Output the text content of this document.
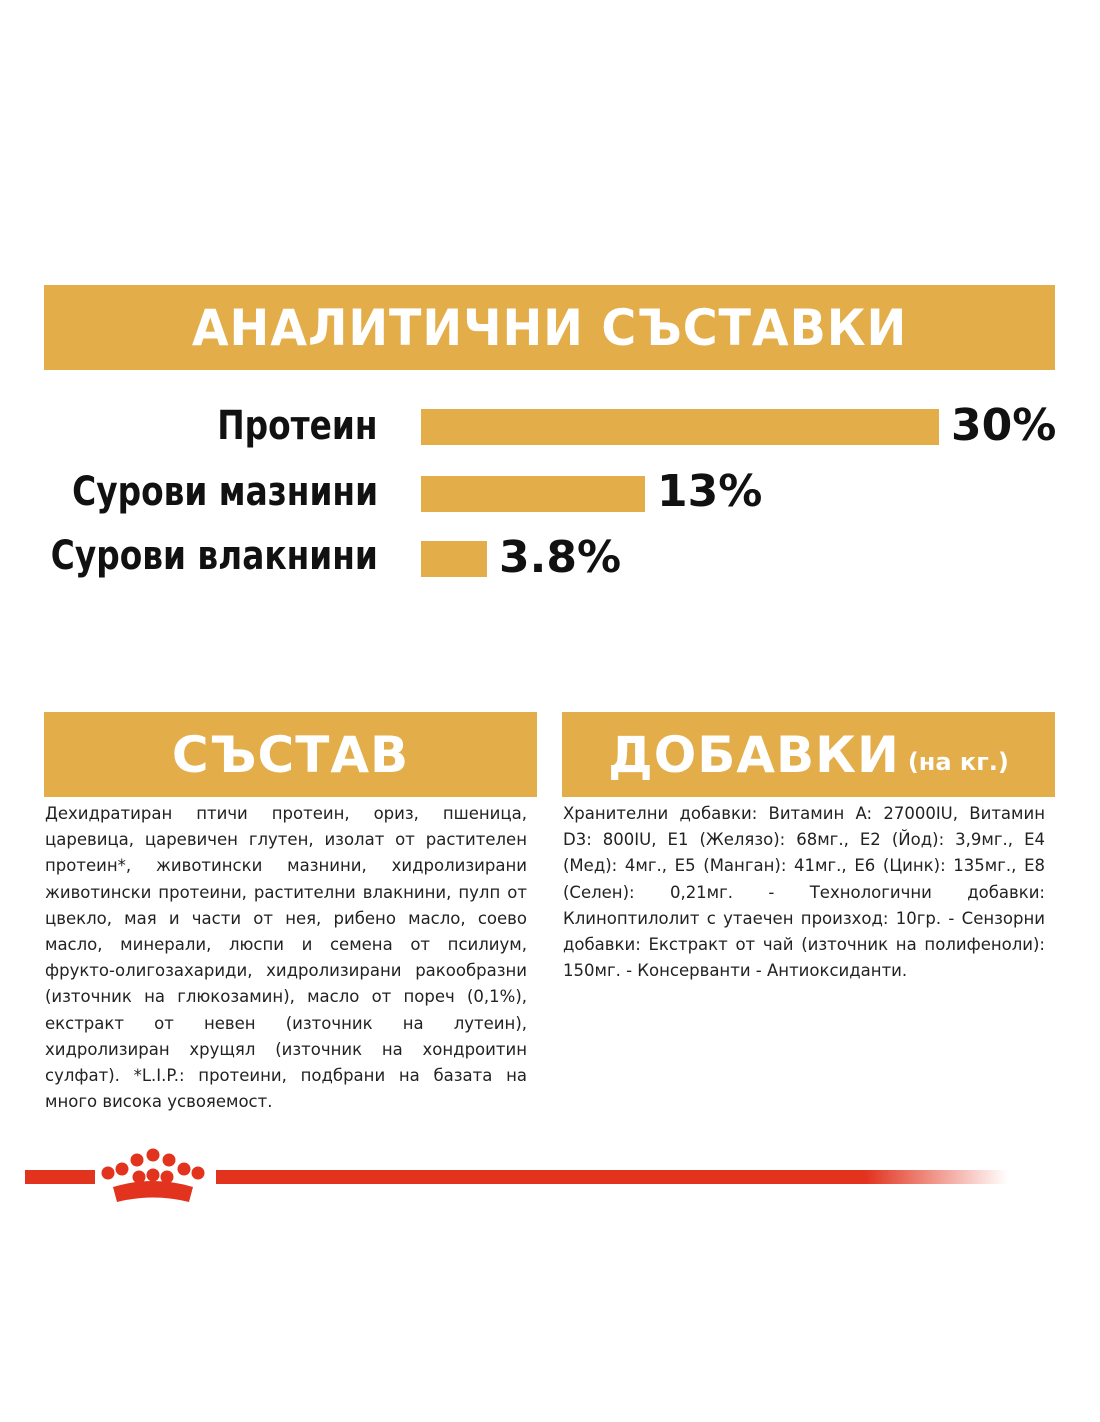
АНАЛИТИЧНИ СЪСТАВКИ
Протеин	30%
Сурови мазнини	13%
Сурови влакнини	3.8%
СЪСТАВ	ДОБАВКИ (на кг.)
Дехидратиран птичи протеин, ориз, пшеница, царевица, царевичен глутен, изолат от растителен протеин*, животински мазнини, хидролизирани животински протеини, растителни влакнини, пулп от цвекло, мая и части от нея, рибено масло, соево масло, минерали, люспи и семена от псилиум, фрукто-олигозахариди, хидролизирани ракообразни (източник на глюкозамин), масло от пореч (0,1%), екстракт от невен (източник на лутеин), хидролизиран хрущял (източник на хондроитин сулфат). *L.I.P.: протеини, подбрани на базата на много висока усвояемост.
Хранителни добавки: Витамин A: 27000IU, Витамин D3: 800IU, E1 (Желязо): 68мг., E2 (Йод): 3,9мг., E4 (Мед): 4мг., E5 (Манган): 41мг., E6 (Цинк): 135мг., E8 (Селен): 0,21мг. - Технологични добавки: Клиноптилолит с утаечен произход: 10гр. - Сензорни добавки: Екстракт от чай (източник на полифеноли): 150мг. - Консерванти - Антиоксиданти.
